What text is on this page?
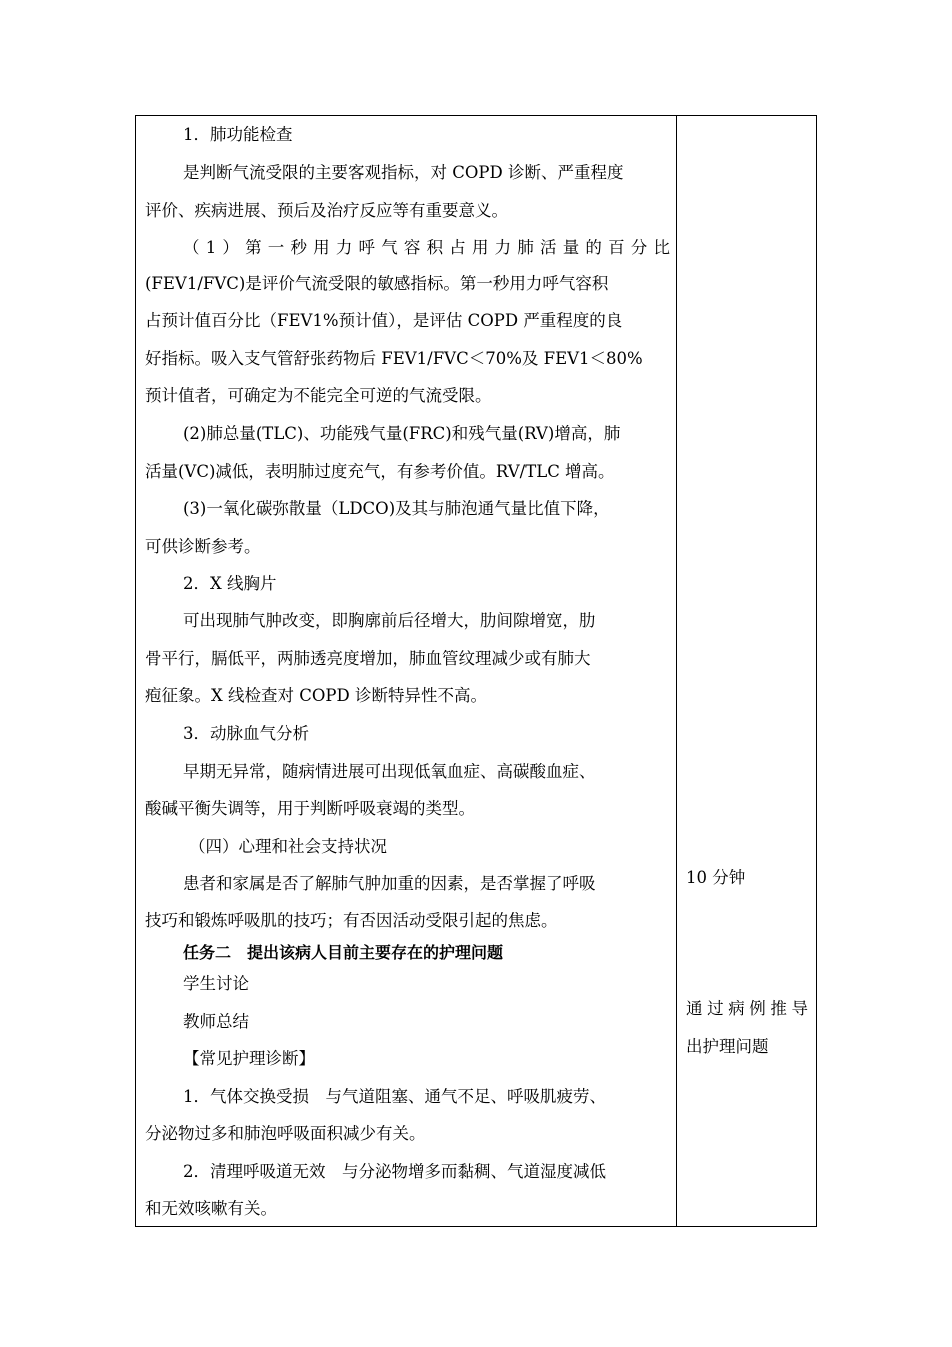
1．肺功能检查
是判断气流受限的主要客观指标，对 COPD 诊断、严重程度
评价、疾病进展、预后及治疗反应等有重要意义。
（1）第一秒用力呼气容积占用力肺活量的百分比
(FEV1/FVC)是评价气流受限的敏感指标。第一秒用力呼气容积
占预计值百分比（FEV1%预计值），是评估 COPD 严重程度的良
好指标。吸入支气管舒张药物后 FEV1/FVC＜70%及 FEV1＜80%
预计值者，可确定为不能完全可逆的气流受限。
(2)肺总量(TLC)、功能残气量(FRC)和残气量(RV)增高，肺
活量(VC)减低，表明肺过度充气，有参考价值。RV/TLC 增高。
(3)一氧化碳弥散量（LDCO)及其与肺泡通气量比值下降，
可供诊断参考。
2．X 线胸片
可出现肺气肿改变，即胸廓前后径增大，肋间隙增宽，肋
骨平行，膈低平，两肺透亮度增加，肺血管纹理减少或有肺大
疱征象。X 线检查对 COPD 诊断特异性不高。
3．动脉血气分析
早期无异常，随病情进展可出现低氧血症、高碳酸血症、
酸碱平衡失调等，用于判断呼吸衰竭的类型。
（四）心理和社会支持状况
患者和家属是否了解肺气肿加重的因素，是否掌握了呼吸
技巧和锻炼呼吸肌的技巧；有否因活动受限引起的焦虑。
任务二　提出该病人目前主要存在的护理问题
学生讨论
教师总结
【常见护理诊断】
1．气体交换受损　与气道阻塞、通气不足、呼吸肌疲劳、
分泌物过多和肺泡呼吸面积减少有关。
2．清理呼吸道无效　与分泌物增多而黏稠、气道湿度减低
和无效咳嗽有关。
10 分钟
通过病例推导
出护理问题
